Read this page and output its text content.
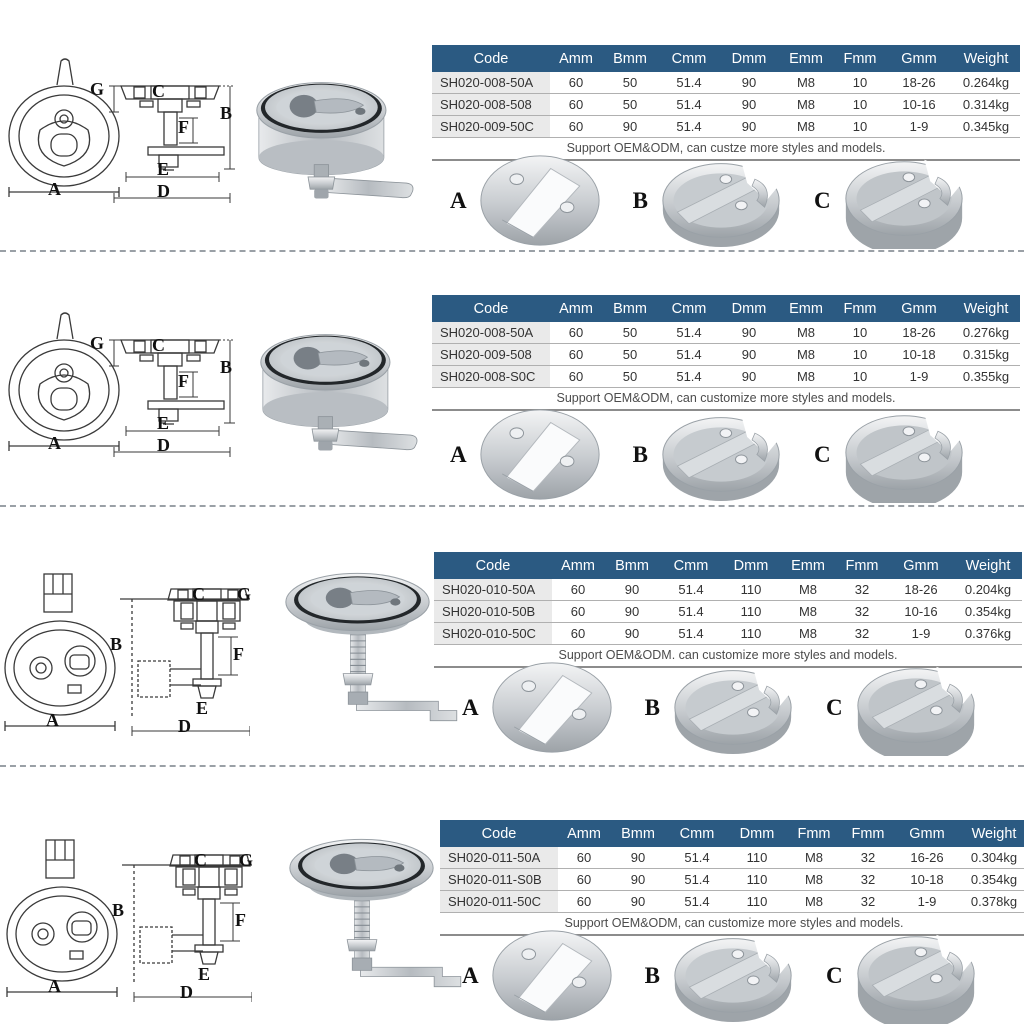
G	C
B
F
E
D
A
Code	Amm	Bmm	Cmm	Dmm	Emm	Fmm	Gmm	Weight
SH020-008-50A	60	50	51.4	90	M8	10	18-26	0.264kg
SH020-008-508	60	50	51.4	90	M8	10	10-16	0.314kg
SH020-009-50C	60	90	51.4	90	M8	10	1-9	0.345kg
Support OEM&ODM, can custze more styles and models.
A	B	C
G	C
B
F
E
D
A
Code	Amm	Bmm	Cmm	Dmm	Emm	Fmm	Gmm	Weight
SH020-008-50A	60	50	51.4	90	M8	10	18-26	0.276kg
SH020-009-508	60	50	51.4	90	M8	10	10-18	0.315kg
SH020-008-S0C	60	50	51.4	90	M8	10	1-9	0.355kg
Support OEM&ODM, can customize more styles and models.
A	B	C
B
C G
F
E
D
A
Code	Amm	Bmm	Cmm	Dmm	Emm	Fmm	Gmm	Weight
SH020-010-50A	60	90	51.4	110	M8	32	18-26	0.204kg
SH020-010-50B	60	90	51.4	110	M8	32	10-16	0.354kg
SH020-010-50C	60	90	51.4	110	M8	32	1-9	0.376kg
Support OEM&ODM. can customize more styles and models.
A	B	C
B
C G
F
E
D
A
Code	Amm	Bmm	Cmm	Dmm	Fmm	Fmm	Gmm	Weight
SH020-011-50A	60	90	51.4	110	M8	32	16-26	0.304kg
SH020-011-S0B	60	90	51.4	110	M8	32	10-18	0.354kg
SH020-011-50C	60	90	51.4	110	M8	32	1-9	0.378kg
Support OEM&ODM, can customize more styles and models.
A	B	C
